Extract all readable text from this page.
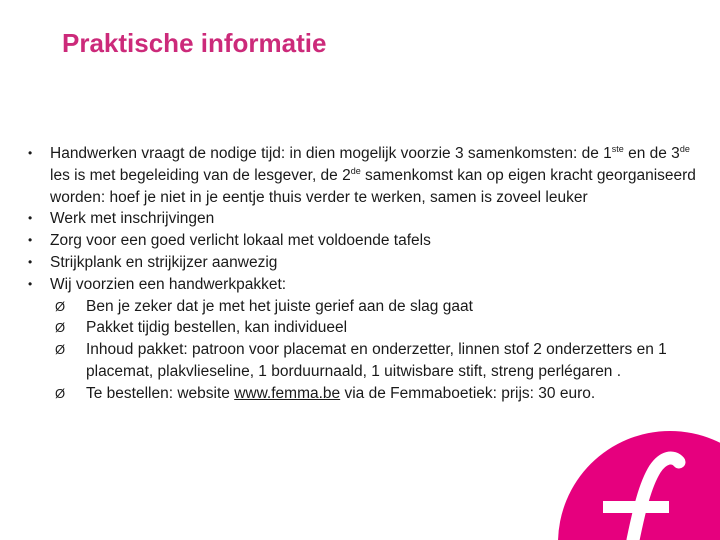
Praktische informatie
•	Handwerken vraagt de nodige tijd: in dien mogelijk voorzie 3 samenkomsten: de 1ste en de 3de les is met begeleiding van de lesgever, de 2de samenkomst kan op eigen kracht georganiseerd worden: hoef je niet in je eentje thuis verder te werken, samen is zoveel leuker
•	Werk met inschrijvingen
•	Zorg voor een goed verlicht lokaal met voldoende tafels
•	Strijkplank en strijkijzer aanwezig
•	Wij voorzien een handwerkpakket:
Ø	Ben je zeker dat je met het juiste gerief aan de slag gaat
Ø	Pakket tijdig bestellen, kan individueel
Ø	Inhoud pakket: patroon voor placemat en onderzetter, linnen stof 2 onderzetters en 1 placemat, plakvlieseline, 1 borduurnaald, 1 uitwisbare stift, streng perlégaren .
Ø	Te bestellen: website www.femma.be via de Femmaboetiek: prijs: 30 euro.
